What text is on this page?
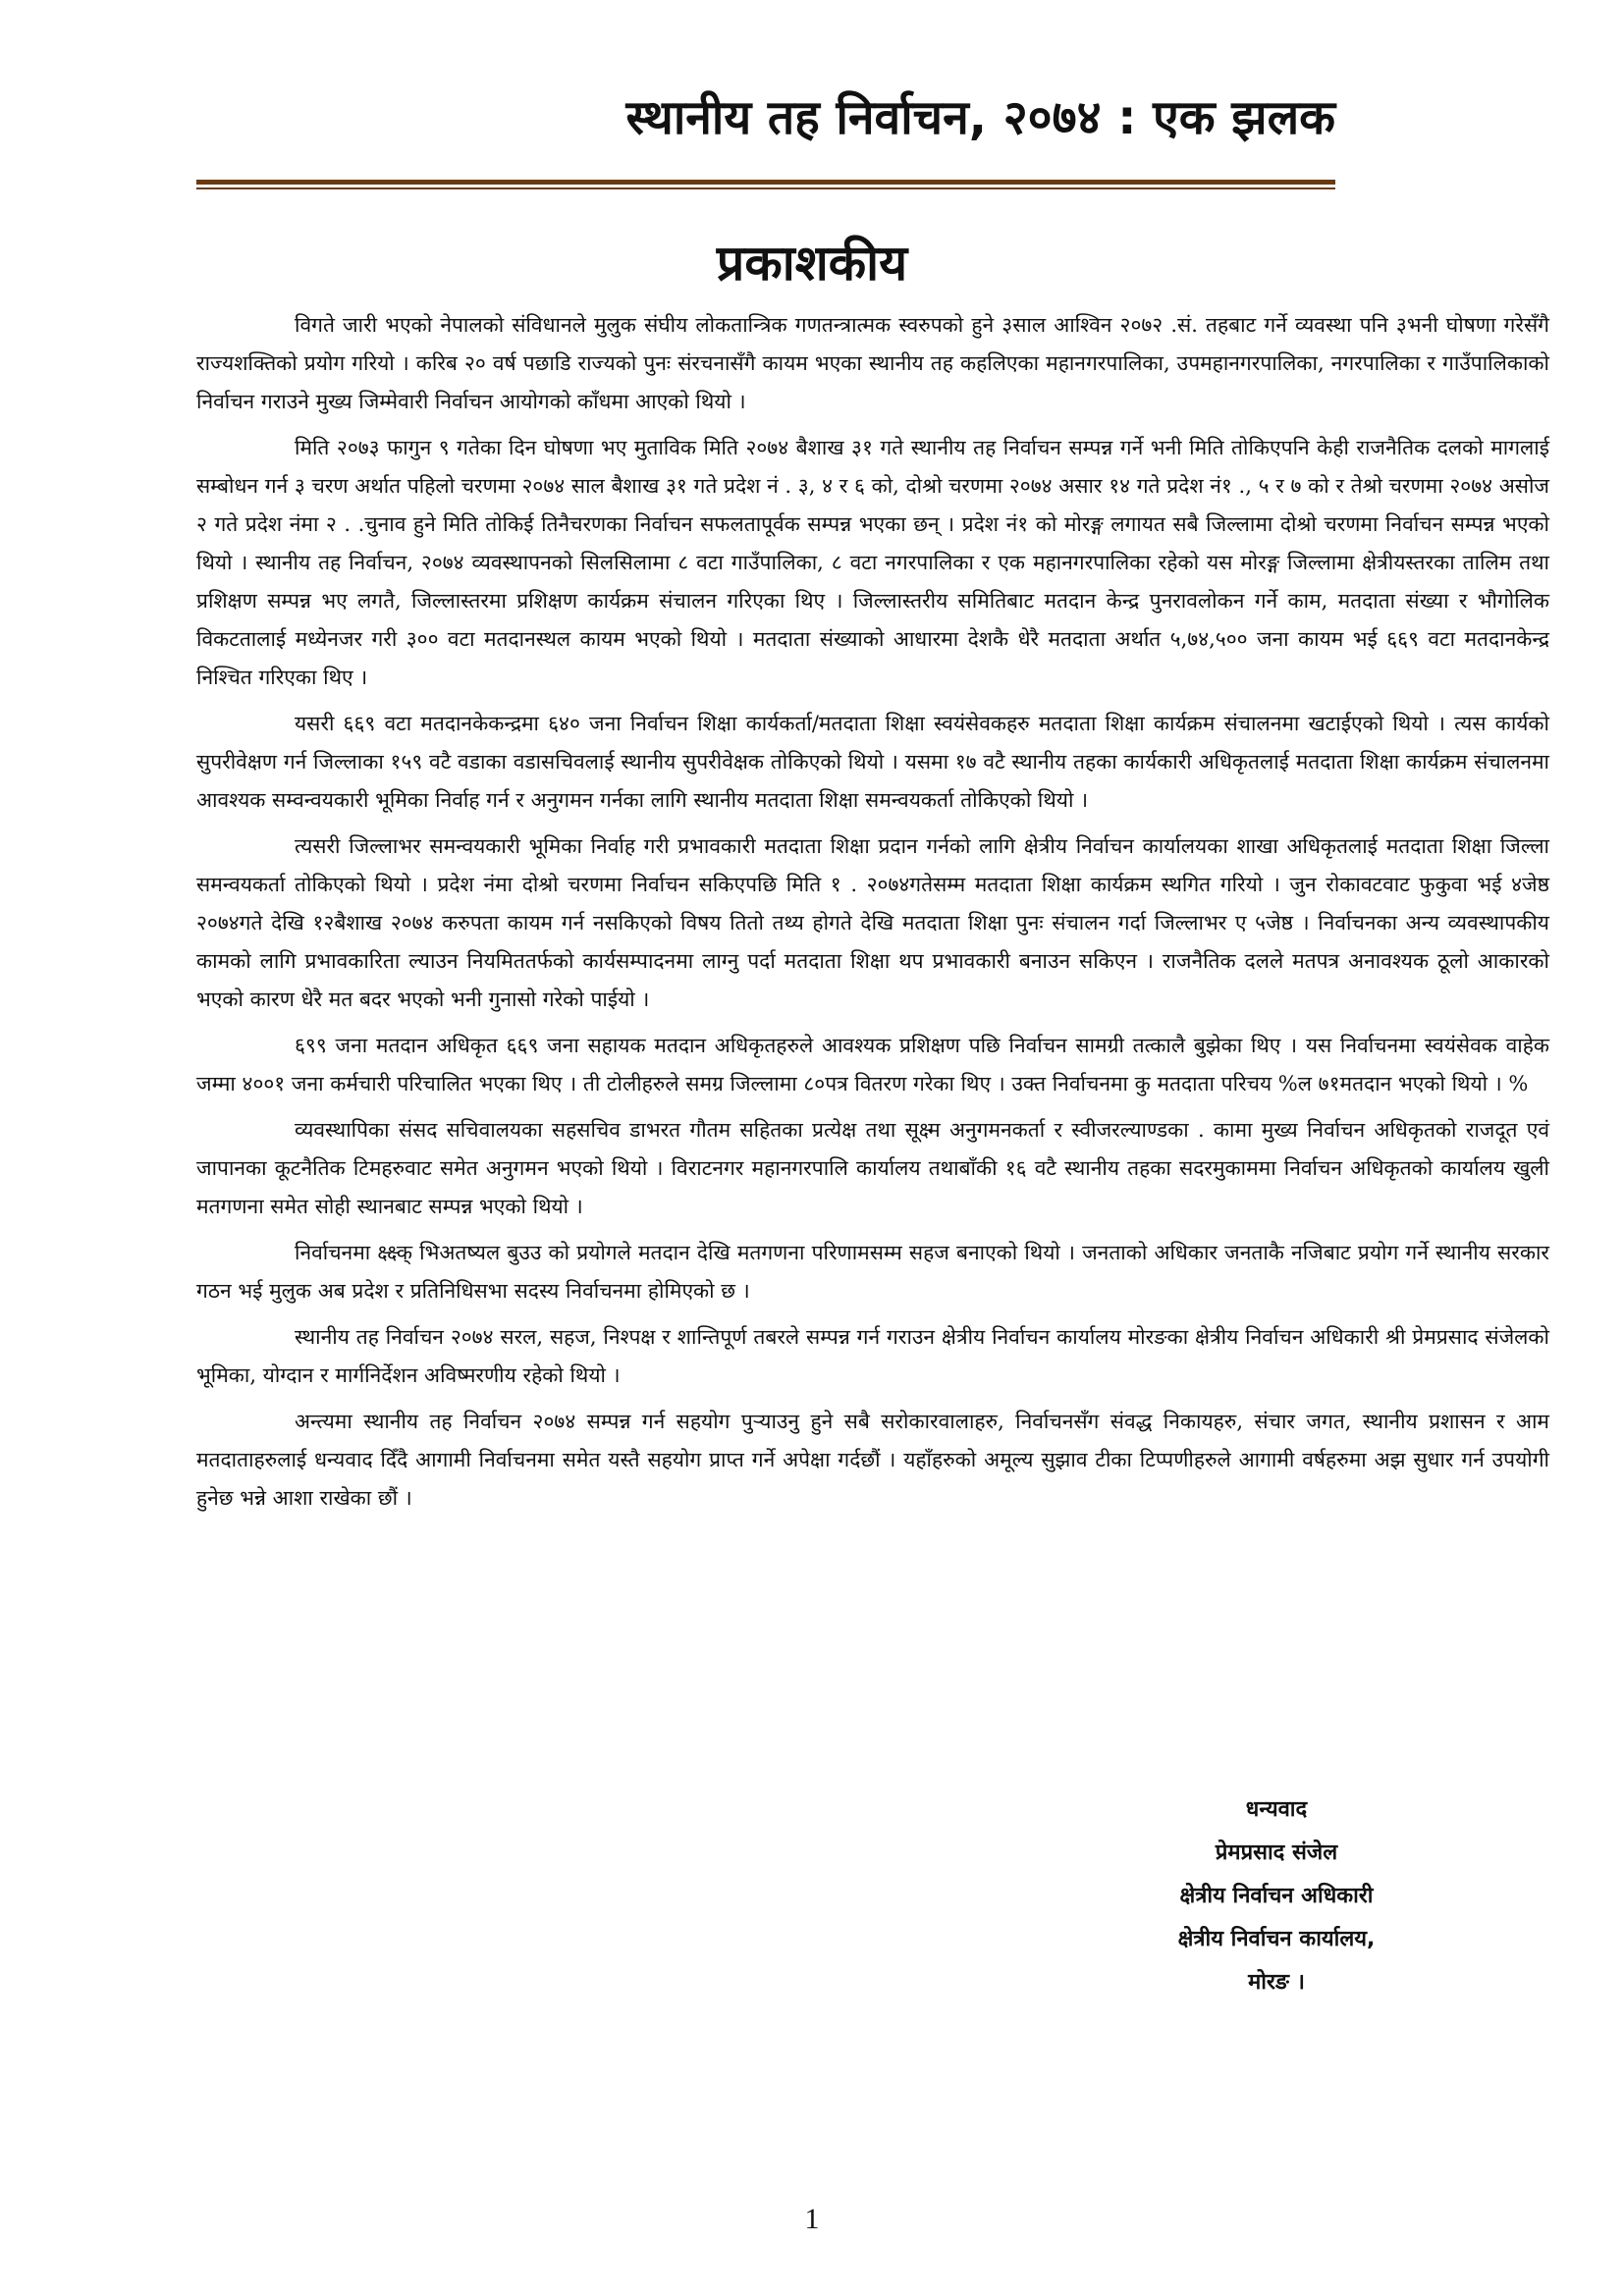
स्थानीय तह निर्वाचन, २०७४ : एक झलक
प्रकाशकीय

विगते जारी भएको नेपालको संविधानले मुलुक संघीय लोकतान्त्रिक गणतन्त्रात्मक स्वरुपको हुने ३साल आश्विन २०७२ .सं. तहबाट गर्ने व्यवस्था पनि ३भनी घोषणा गरेसँगै राज्यशक्तिको प्रयोग गरियो । करिब २० वर्ष पछाडि राज्यको पुनः संरचनासँगै कायम भएका स्थानीय तह कहलिएका महानगरपालिका, उपमहानगरपालिका, नगरपालिका र गाउँपालिकाको निर्वाचन गराउने मुख्य जिम्मेवारी निर्वाचन आयोगको काँधमा आएको थियो ।

मिति २०७३ फागुन ९ गतेका दिन घोषणा भए मुताविक मिति २०७४ बैशाख ३१ गते स्थानीय तह निर्वाचन सम्पन्न गर्ने भनी मिति तोकिएपनि केही राजनैतिक दलको मागलाई सम्बोधन गर्न ३ चरण अर्थात पहिलो चरणमा २०७४ साल बैशाख ३१ गते प्रदेश नं . ३, ४ र ६ को, दोश्रो चरणमा २०७४ असार १४ गते प्रदेश नं१ ., ५ र ७ को र तेश्रो चरणमा २०७४ असोज २ गते प्रदेश नंमा २ . .चुनाव हुने मिति तोकिई तिनैचरणका निर्वाचन सफलतापूर्वक सम्पन्न भएका छन् । प्रदेश नं१ को मोरङ्ग लगायत सबै जिल्लामा दोश्रो चरणमा निर्वाचन सम्पन्न भएको थियो । स्थानीय तह निर्वाचन, २०७४ व्यवस्थापनको सिलसिलामा ८ वटा गाउँपालिका, ८ वटा नगरपालिका र एक महानगरपालिका रहेको यस मोरङ्ग जिल्लामा क्षेत्रीयस्तरका तालिम तथा प्रशिक्षण सम्पन्न भए लगतै, जिल्लास्तरमा प्रशिक्षण कार्यक्रम संचालन गरिएका थिए । जिल्लास्तरीय समितिबाट मतदान केन्द्र पुनरावलोकन गर्ने काम, मतदाता संख्या र भौगोलिक विकटतालाई मध्येनजर गरी ३०० वटा मतदानस्थल कायम भएको थियो । मतदाता संख्याको आधारमा देशकै धेरै मतदाता अर्थात ५,७४,५०० जना कायम भई ६६९ वटा मतदानकेन्द्र निश्चित गरिएका थिए ।

यसरी ६६९ वटा मतदानकेकन्द्रमा ६४० जना निर्वाचन शिक्षा कार्यकर्ता/मतदाता शिक्षा स्वयंसेवकहरु मतदाता शिक्षा कार्यक्रम संचालनमा खटाईएको थियो । त्यस कार्यको सुपरीवेक्षण गर्न जिल्लाका १५९ वटै वडाका वडासचिवलाई स्थानीय सुपरीवेक्षक तोकिएको थियो । यसमा १७ वटै स्थानीय तहका कार्यकारी अधिकृतलाई मतदाता शिक्षा कार्यक्रम संचालनमा आवश्यक सम्वन्वयकारी भूमिका निर्वाह गर्न र अनुगमन गर्नका लागि स्थानीय मतदाता शिक्षा समन्वयकर्ता तोकिएको थियो ।

त्यसरी जिल्लाभर समन्वयकारी भूमिका निर्वाह गरी प्रभावकारी मतदाता शिक्षा प्रदान गर्नको लागि क्षेत्रीय निर्वाचन कार्यालयका शाखा अधिकृतलाई मतदाता शिक्षा जिल्ला समन्वयकर्ता तोकिएको थियो । प्रदेश नंमा दोश्रो चरणमा निर्वाचन सकिएपछि मिति १ . २०७४गतेसम्म मतदाता शिक्षा कार्यक्रम स्थगित गरियो । जुन रोकावटवाट फुकुवा भई ४जेष्ठ २०७४गते देखि १२बैशाख २०७४ करुपता कायम गर्न नसकिएको विषय तितो तथ्य होगते देखि मतदाता शिक्षा पुनः संचालन गर्दा जिल्लाभर ए ५जेष्ठ । निर्वाचनका अन्य व्यवस्थापकीय कामको लागि प्रभावकारिता ल्याउन नियमिततर्फको कार्यसम्पादनमा लाग्नु पर्दा मतदाता शिक्षा थप प्रभावकारी बनाउन सकिएन । राजनैतिक दलले मतपत्र अनावश्यक ठूलो आकारको भएको कारण धेरै मत बदर भएको भनी गुनासो गरेको पाईयो ।

६९९ जना मतदान अधिकृत ६६९ जना सहायक मतदान अधिकृतहरुले आवश्यक प्रशिक्षण पछि निर्वाचन सामग्री तत्कालै बुझेका थिए । यस निर्वाचनमा स्वयंसेवक वाहेक जम्मा ४००१ जना कर्मचारी परिचालित भएका थिए । ती टोलीहरुले समग्र जिल्लामा ८०पत्र वितरण गरेका थिए । उक्त निर्वाचनमा कु मतदाता परिचय %ल ७१मतदान भएको थियो । %

व्यवस्थापिका संसद सचिवालयका सहसचिव डाभरत गौतम सहितका प्रत्येक्ष तथा सूक्ष्म अनुगमनकर्ता र स्वीजरल्याण्डका . कामा मुख्य निर्वाचन अधिकृतको राजदूत एवं जापानका कूटनैतिक टिमहरुवाट समेत अनुगमन भएको थियो । विराटनगर महानगरपालि कार्यालय तथाबाँकी १६ वटै स्थानीय तहका सदरमुकाममा निर्वाचन अधिकृतको कार्यालय खुली मतगणना समेत सोही स्थानबाट सम्पन्न भएको थियो ।

निर्वाचनमा क्ष्क्ष्क् भिअतष्यल बुउउ को प्रयोगले मतदान देखि मतगणना परिणामसम्म सहज बनाएको थियो । जनताको अधिकार जनताकै नजिबाट प्रयोग गर्ने स्थानीय सरकार गठन भई मुलुक अब प्रदेश र प्रतिनिधिसभा सदस्य निर्वाचनमा होमिएको छ ।

स्थानीय तह निर्वाचन २०७४ सरल, सहज, निश्पक्ष र शान्तिपूर्ण तबरले सम्पन्न गर्न गराउन क्षेत्रीय निर्वाचन कार्यालय मोरङका क्षेत्रीय निर्वाचन अधिकारी श्री प्रेमप्रसाद संजेलको भूमिका, योग्दान र मार्गनिर्देशन अविष्मरणीय रहेको थियो ।

अन्त्यमा स्थानीय तह निर्वाचन २०७४ सम्पन्न गर्न सहयोग पुऱ्याउनु हुने सबै सरोकारवालाहरु, निर्वाचनसँग संवद्ध निकायहरु, संचार जगत, स्थानीय प्रशासन र आम मतदाताहरुलाई धन्यवाद दिँदै आगामी निर्वाचनमा समेत यस्तै सहयोग प्राप्त गर्ने अपेक्षा गर्दछौं । यहाँहरुको अमूल्य सुझाव टीका टिप्पणीहरुले आगामी वर्षहरुमा अझ सुधार गर्न उपयोगी हुनेछ भन्ने आशा राखेका छौं ।

धन्यवाद
प्रेमप्रसाद संजेल
क्षेत्रीय निर्वाचन अधिकारी
क्षेत्रीय निर्वाचन कार्यालय,
मोरङ ।
1
